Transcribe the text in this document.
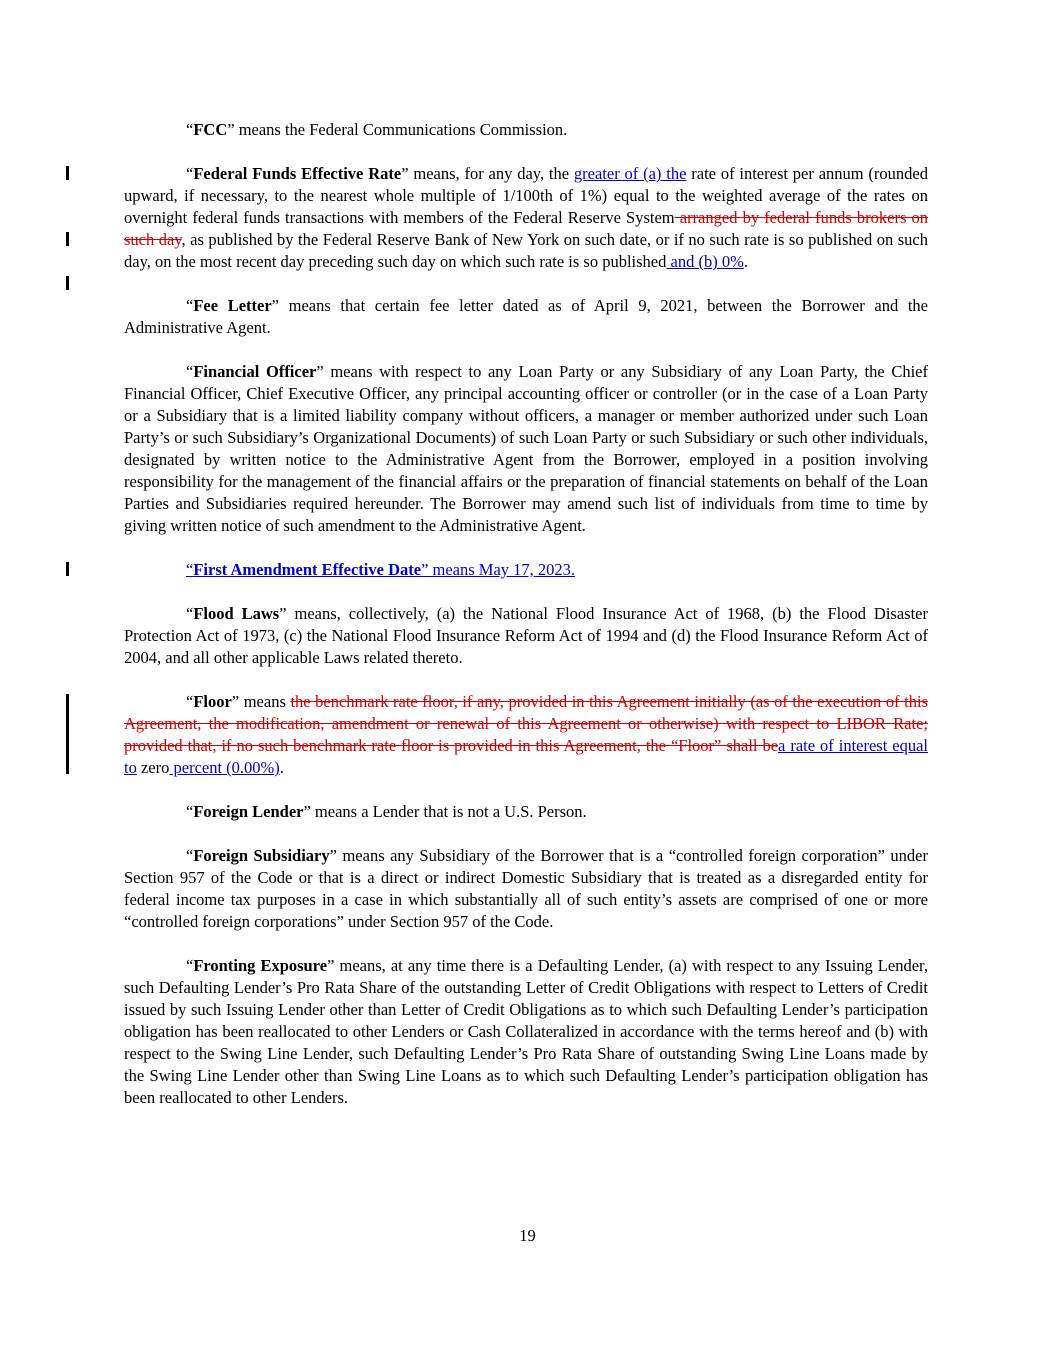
“FCC” means the Federal Communications Commission.
“Federal Funds Effective Rate” means, for any day, the greater of (a) the rate of interest per annum (rounded upward, if necessary, to the nearest whole multiple of 1/100th of 1%) equal to the weighted average of the rates on overnight federal funds transactions with members of the Federal Reserve System arranged by federal funds brokers on such day, as published by the Federal Reserve Bank of New York on such date, or if no such rate is so published on such day, on the most recent day preceding such day on which such rate is so published and (b) 0%.
“Fee Letter” means that certain fee letter dated as of April 9, 2021, between the Borrower and the Administrative Agent.
“Financial Officer” means with respect to any Loan Party or any Subsidiary of any Loan Party, the Chief Financial Officer, Chief Executive Officer, any principal accounting officer or controller (or in the case of a Loan Party or a Subsidiary that is a limited liability company without officers, a manager or member authorized under such Loan Party’s or such Subsidiary’s Organizational Documents) of such Loan Party or such Subsidiary or such other individuals, designated by written notice to the Administrative Agent from the Borrower, employed in a position involving responsibility for the management of the financial affairs or the preparation of financial statements on behalf of the Loan Parties and Subsidiaries required hereunder. The Borrower may amend such list of individuals from time to time by giving written notice of such amendment to the Administrative Agent.
“First Amendment Effective Date” means May 17, 2023.
“Flood Laws” means, collectively, (a) the National Flood Insurance Act of 1968, (b) the Flood Disaster Protection Act of 1973, (c) the National Flood Insurance Reform Act of 1994 and (d) the Flood Insurance Reform Act of 2004, and all other applicable Laws related thereto.
“Floor” means the benchmark rate floor, if any, provided in this Agreement initially (as of the execution of this Agreement, the modification, amendment or renewal of this Agreement or otherwise) with respect to LIBOR Rate; provided that, if no such benchmark rate floor is provided in this Agreement, the “Floor” shall bea rate of interest equal to zero percent (0.00%).
“Foreign Lender” means a Lender that is not a U.S. Person.
“Foreign Subsidiary” means any Subsidiary of the Borrower that is a “controlled foreign corporation” under Section 957 of the Code or that is a direct or indirect Domestic Subsidiary that is treated as a disregarded entity for federal income tax purposes in a case in which substantially all of such entity’s assets are comprised of one or more “controlled foreign corporations” under Section 957 of the Code.
“Fronting Exposure” means, at any time there is a Defaulting Lender, (a) with respect to any Issuing Lender, such Defaulting Lender’s Pro Rata Share of the outstanding Letter of Credit Obligations with respect to Letters of Credit issued by such Issuing Lender other than Letter of Credit Obligations as to which such Defaulting Lender’s participation obligation has been reallocated to other Lenders or Cash Collateralized in accordance with the terms hereof and (b) with respect to the Swing Line Lender, such Defaulting Lender’s Pro Rata Share of outstanding Swing Line Loans made by the Swing Line Lender other than Swing Line Loans as to which such Defaulting Lender’s participation obligation has been reallocated to other Lenders.
19
